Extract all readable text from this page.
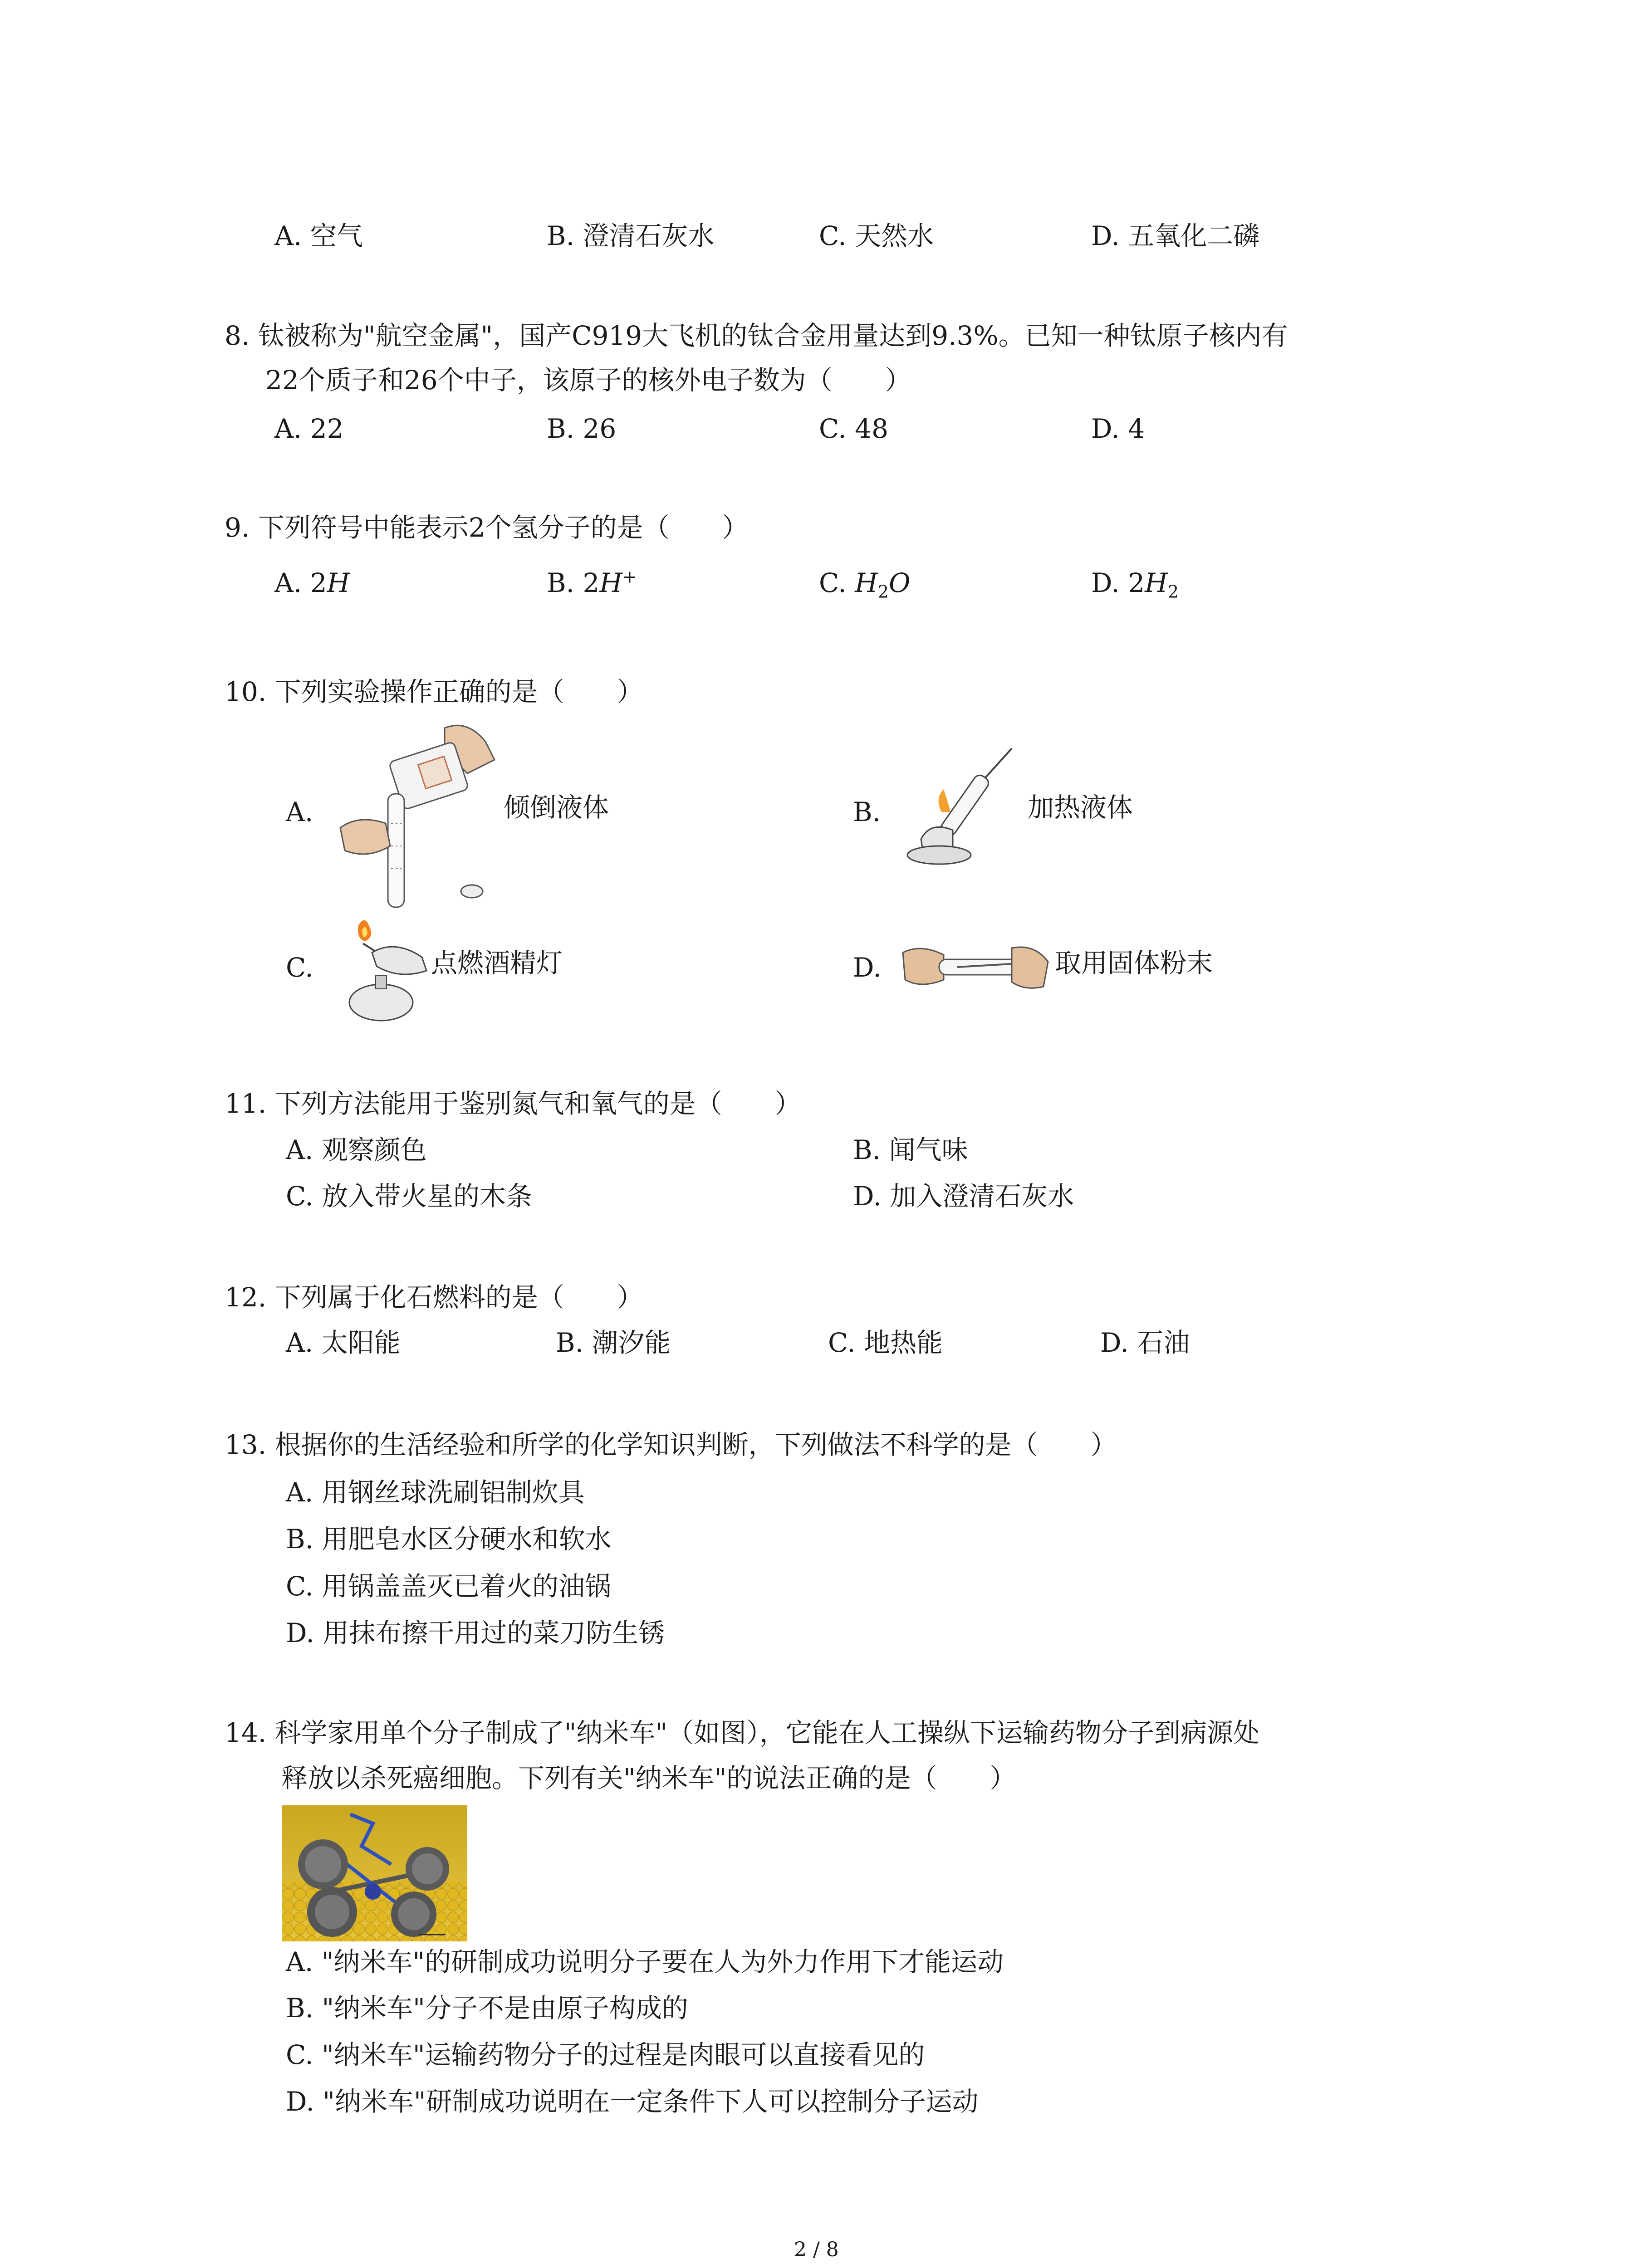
A. 空气	B. 澄清石灰水	C. 天然水	D. 五氧化二磷
8. 钛被称为"航空金属"，国产C919大飞机的钛合金用量达到9.3%。已知一种钛原子核内有
22个质子和26个中子，该原子的核外电子数为（　　）
A. 22	B. 26	C. 48	D. 4
9. 下列符号中能表示2个氢分子的是（　　）
A. 2H	B. 2H+	C. $H_2O$	D. $2H_2$
10. 下列实验操作正确的是（　　）
A.	倾倒液体	B.	加热液体
C.	点燃酒精灯	D.	取用固体粉末
11. 下列方法能用于鉴别氮气和氧气的是（　　）
A. 观察颜色	B. 闻气味
C. 放入带火星的木条	D. 加入澄清石灰水
12. 下列属于化石燃料的是（　　）
A. 太阳能	B. 潮汐能	C. 地热能	D. 石油
13. 根据你的生活经验和所学的化学知识判断，下列做法不科学的是（　　）
A. 用钢丝球洗刷铝制炊具
B. 用肥皂水区分硬水和软水
C. 用锅盖盖灭已着火的油锅
D. 用抹布擦干用过的菜刀防生锈
14. 科学家用单个分子制成了"纳米车"（如图），它能在人工操纵下运输药物分子到病源处
释放以杀死癌细胞。下列有关"纳米车"的说法正确的是（　　）
A. "纳米车"的研制成功说明分子要在人为外力作用下才能运动
B. "纳米车"分子不是由原子构成的
C. "纳米车"运输药物分子的过程是肉眼可以直接看见的
D. "纳米车"研制成功说明在一定条件下人可以控制分子运动
2 / 8
